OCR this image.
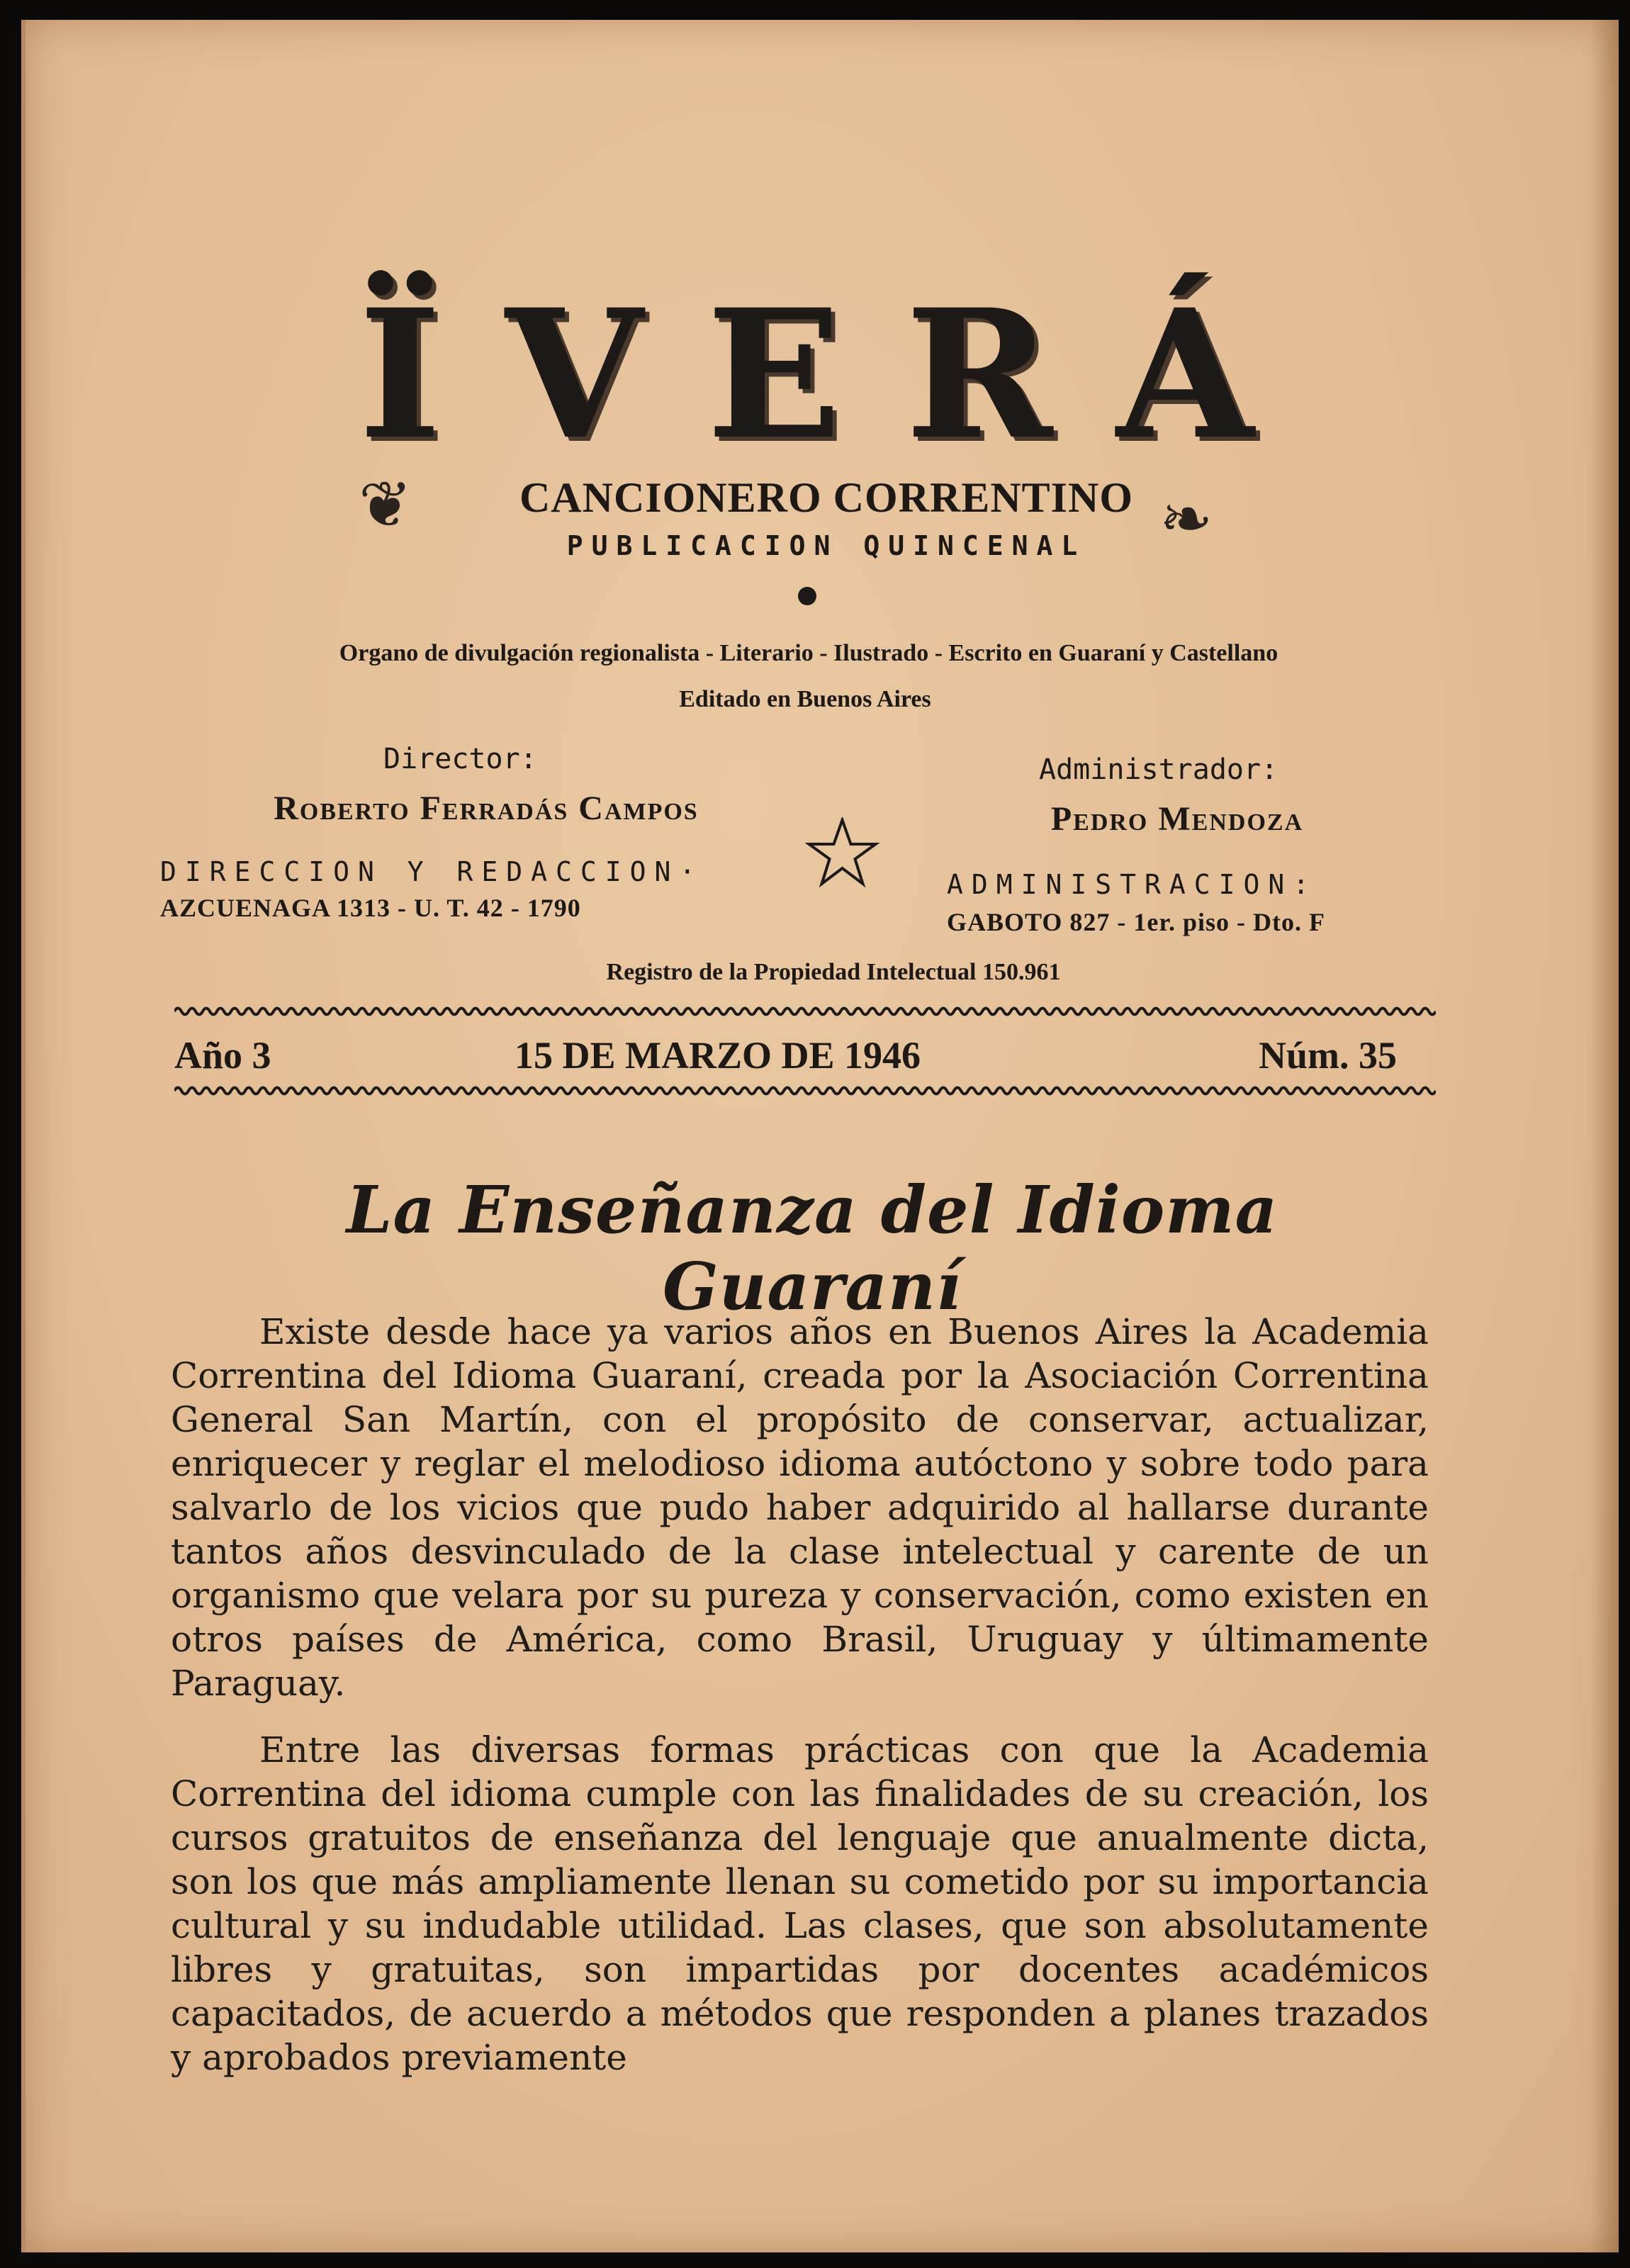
ÏVERÁ
❦	CANCIONERO CORRENTINO ❧
PUBLICACION QUINCENAL
Organo de divulgación regionalista - Literario - Ilustrado - Escrito en Guaraní y Castellano
Editado en Buenos Aires
Director:
Roberto Ferradás Campos
DIRECCION Y REDACCION·
AZCUENAGA 1313 - U. T. 42 - 1790
Administrador:
Pedro Mendoza
ADMINISTRACION:
GABOTO 827 - 1er. piso - Dto. F
Registro de la Propiedad Intelectual 150.961
Año 3	15 DE MARZO DE 1946	Núm. 35
La Enseñanza del Idioma Guaraní
Existe desde hace ya varios años en Buenos Aires la Academia Correntina del Idioma Guaraní, creada por la Asociación Correntina General San Martín, con el propósito de conservar, actualizar, enriquecer y reglar el melodioso idioma autóctono y sobre todo para salvarlo de los vicios que pudo haber adquirido al hallarse durante tantos años desvinculado de la clase intelectual y carente de un organismo que velara por su pureza y conservación, como existen en otros países de América, como Brasil, Uruguay y últimamente Paraguay.
Entre las diversas formas prácticas con que la Academia Correntina del idioma cumple con las finalidades de su creación, los cursos gratuitos de enseñanza del lenguaje que anualmente dicta, son los que más ampliamente llenan su cometido por su importancia cultural y su indudable utilidad. Las clases, que son absolutamente libres y gratuitas, son impartidas por docentes académicos capacitados, de acuerdo a métodos que responden a planes trazados y aprobados previamente
